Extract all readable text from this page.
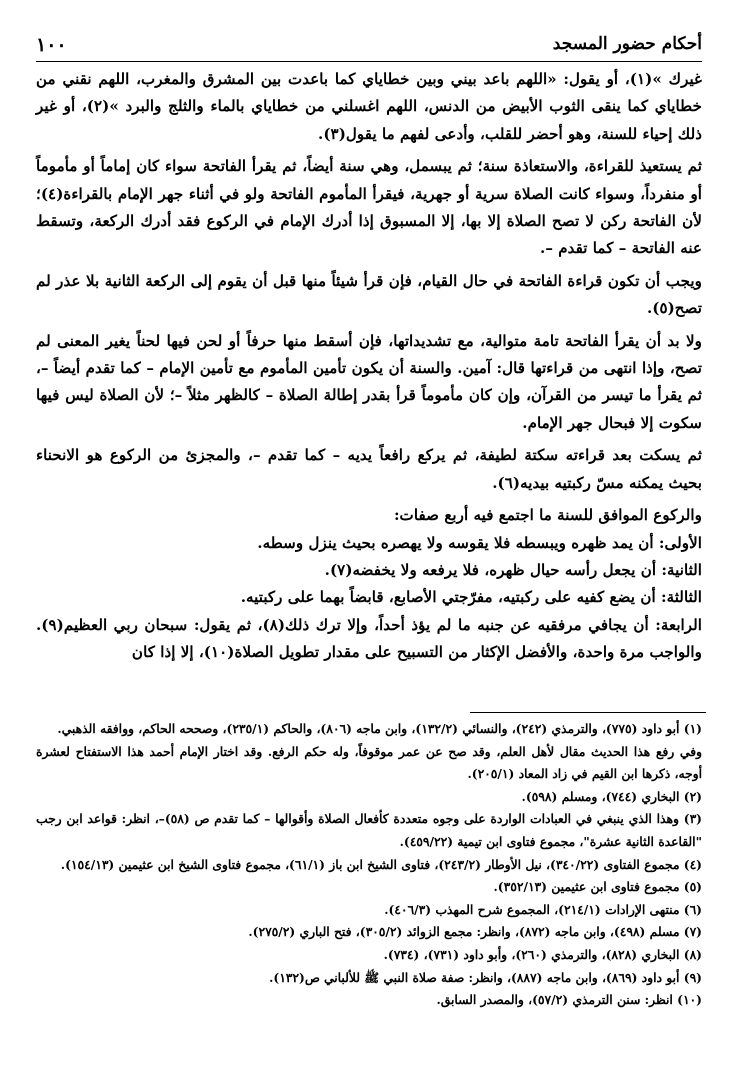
أحكام حضور المسجد
١٠٠

غيرك »(١)، أو يقول: «اللهم باعد بيني وبين خطاياي كما باعدت بين المشرق والمغرب، اللهم نقني من خطاياي كما ينقى الثوب الأبيض من الدنس، اللهم اغسلني من خطاياي بالماء والثلج والبرد »(٢)، أو غير ذلك إحياء للسنة، وهو أحضر للقلب، وأدعى لفهم ما يقول(٣).

ثم يستعيذ للقراءة، والاستعاذة سنة؛ ثم يبسمل، وهي سنة أيضاً، ثم يقرأ الفاتحة سواء كان إماماً أو مأموماً أو منفرداً، وسواء كانت الصلاة سرية أو جهرية، فيقرأ المأموم الفاتحة ولو في أثناء جهر الإمام بالقراءة(٤)؛ لأن الفاتحة ركن لا تصح الصلاة إلا بها، إلا المسبوق إذا أدرك الإمام في الركوع فقد أدرك الركعة، وتسقط عنه الفاتحة – كما تقدم –.

ويجب أن تكون قراءة الفاتحة في حال القيام، فإن قرأ شيئاً منها قبل أن يقوم إلى الركعة الثانية بلا عذر لم تصح(٥).

ولا بد أن يقرأ الفاتحة تامة متوالية، مع تشديداتها، فإن أسقط منها حرفاً أو لحن فيها لحناً يغير المعنى لم تصح، وإذا انتهى من قراءتها قال: آمين. والسنة أن يكون تأمين المأموم مع تأمين الإمام – كما تقدم أيضاً –، ثم يقرأ ما تيسر من القرآن، وإن كان مأموماً قرأ بقدر إطالة الصلاة – كالظهر مثلاً –؛ لأن الصلاة ليس فيها سكوت إلا فبحال جهر الإمام.

ثم يسكت بعد قراءته سكتة لطيفة، ثم يركع رافعاً يديه – كما تقدم –، والمجزئ من الركوع هو الانحناء بحيث يمكنه مسّ ركبتيه بيديه(٦).

والركوع الموافق للسنة ما اجتمع فيه أربع صفات:

الأولى: أن يمد ظهره ويبسطه فلا يقوسه ولا يهصره بحيث ينزل وسطه.

الثانية: أن يجعل رأسه حيال ظهره، فلا يرفعه ولا يخفضه(٧).

الثالثة: أن يضع كفيه على ركبتيه، مفرّجتي الأصابع، قابضاً بهما على ركبتيه.

الرابعة: أن يجافي مرفقيه عن جنبه ما لم يؤذ أحداً، وإلا ترك ذلك(٨)، ثم يقول: سبحان ربي العظيم(٩). والواجب مرة واحدة، والأفضل الإكثار من التسبيح على مقدار تطويل الصلاة(١٠)، إلا إذا كان

(١) أبو داود (٧٧٥)، والترمذي (٢٤٢)، والنسائي (١٣٢/٢)، وابن ماجه (٨٠٦)، والحاكم (٢٣٥/١)، وصححه الحاكم، ووافقه الذهبي.
وفي رفع هذا الحديث مقال لأهل العلم، وقد صح عن عمر موقوفاً، وله حكم الرفع. وقد اختار الإمام أحمد هذا الاستفتاح لعشرة أوجه، ذكرها ابن القيم في زاد المعاد (٢٠٥/١).
(٢) البخاري (٧٤٤)، ومسلم (٥٩٨).
(٣) وهذا الذي ينبغي في العبادات الواردة على وجوه متعددة كأفعال الصلاة وأقوالها – كما تقدم ص (٥٨)–، انظر: قواعد ابن رجب "القاعدة الثانية عشرة"، مجموع فتاوى ابن تيمية (٤٥٩/٢٢).
(٤) مجموع الفتاوى (٣٤٠/٢٢)، نيل الأوطار (٢٤٣/٢)، فتاوى الشيخ ابن باز (٦١/١)، مجموع فتاوى الشيخ ابن عثيمين (١٥٤/١٣).
(٥) مجموع فتاوى ابن عثيمين (٣٥٢/١٣).
(٦) منتهى الإرادات (٢١٤/١)، المجموع شرح المهذب (٤٠٦/٣).
(٧) مسلم (٤٩٨)، وابن ماجه (٨٧٢)، وانظر: مجمع الزوائد (٣٠٥/٢)، فتح الباري (٢٧٥/٢).
(٨) البخاري (٨٢٨)، والترمذي (٢٦٠)، وأبو داود (٧٣١)، (٧٣٤).
(٩) أبو داود (٨٦٩)، وابن ماجه (٨٨٧)، وانظر: صفة صلاة النبي ﷺ للألباني ص(١٣٢).
(١٠) انظر: سنن الترمذي (٥٧/٢)، والمصدر السابق.
